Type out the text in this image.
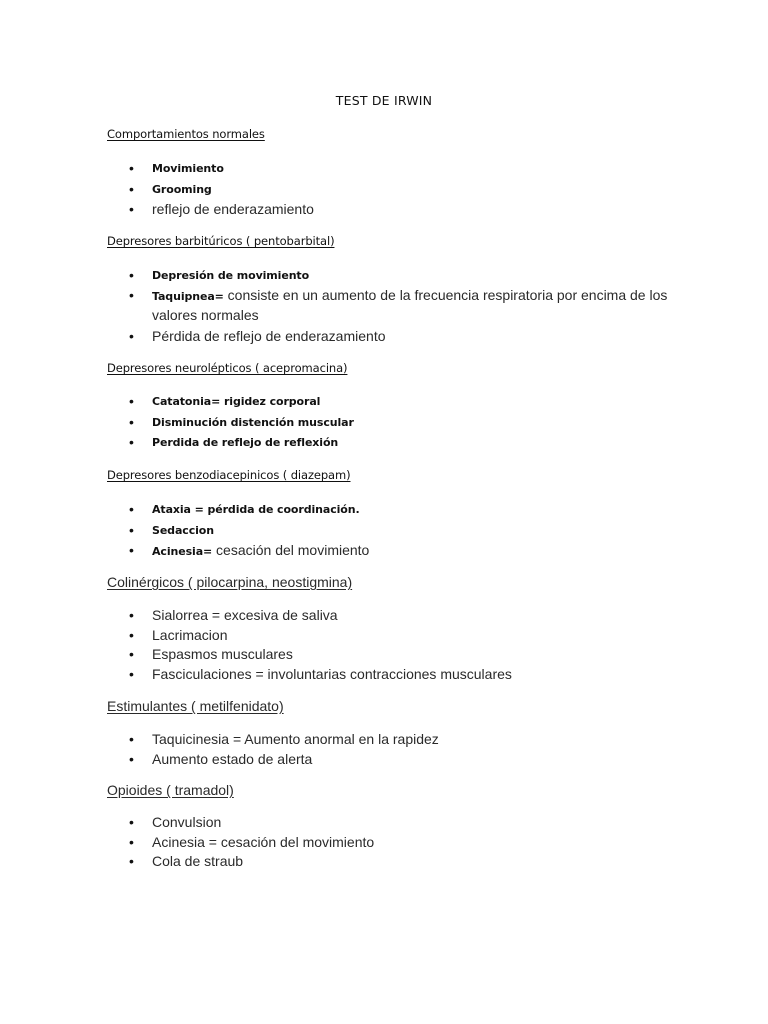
TEST DE IRWIN
Comportamientos normales
• Movimiento
• Grooming
• reflejo de enderazamiento
Depresores barbitúricos ( pentobarbital)
• Depresión de movimiento
• Taquipnea= consiste en un aumento de la frecuencia respiratoria por encima de los valores normales
• Pérdida de reflejo de enderazamiento
Depresores neurolépticos ( acepromacina)
• Catatonia= rigidez corporal
• Disminución distención muscular
• Perdida de reflejo de reflexión
Depresores benzodiacepinicos ( diazepam)
• Ataxia = pérdida de coordinación.
• Sedaccion
• Acinesia= cesación del movimiento
Colinérgicos ( pilocarpina, neostigmina)
• Sialorrea = excesiva de saliva
• Lacrimacion
• Espasmos musculares
• Fasciculaciones = involuntarias contracciones musculares
Estimulantes ( metilfenidato)
• Taquicinesia = Aumento anormal en la rapidez
• Aumento estado de alerta
Opioides ( tramadol)
• Convulsion
• Acinesia = cesación del movimiento
• Cola de straub
